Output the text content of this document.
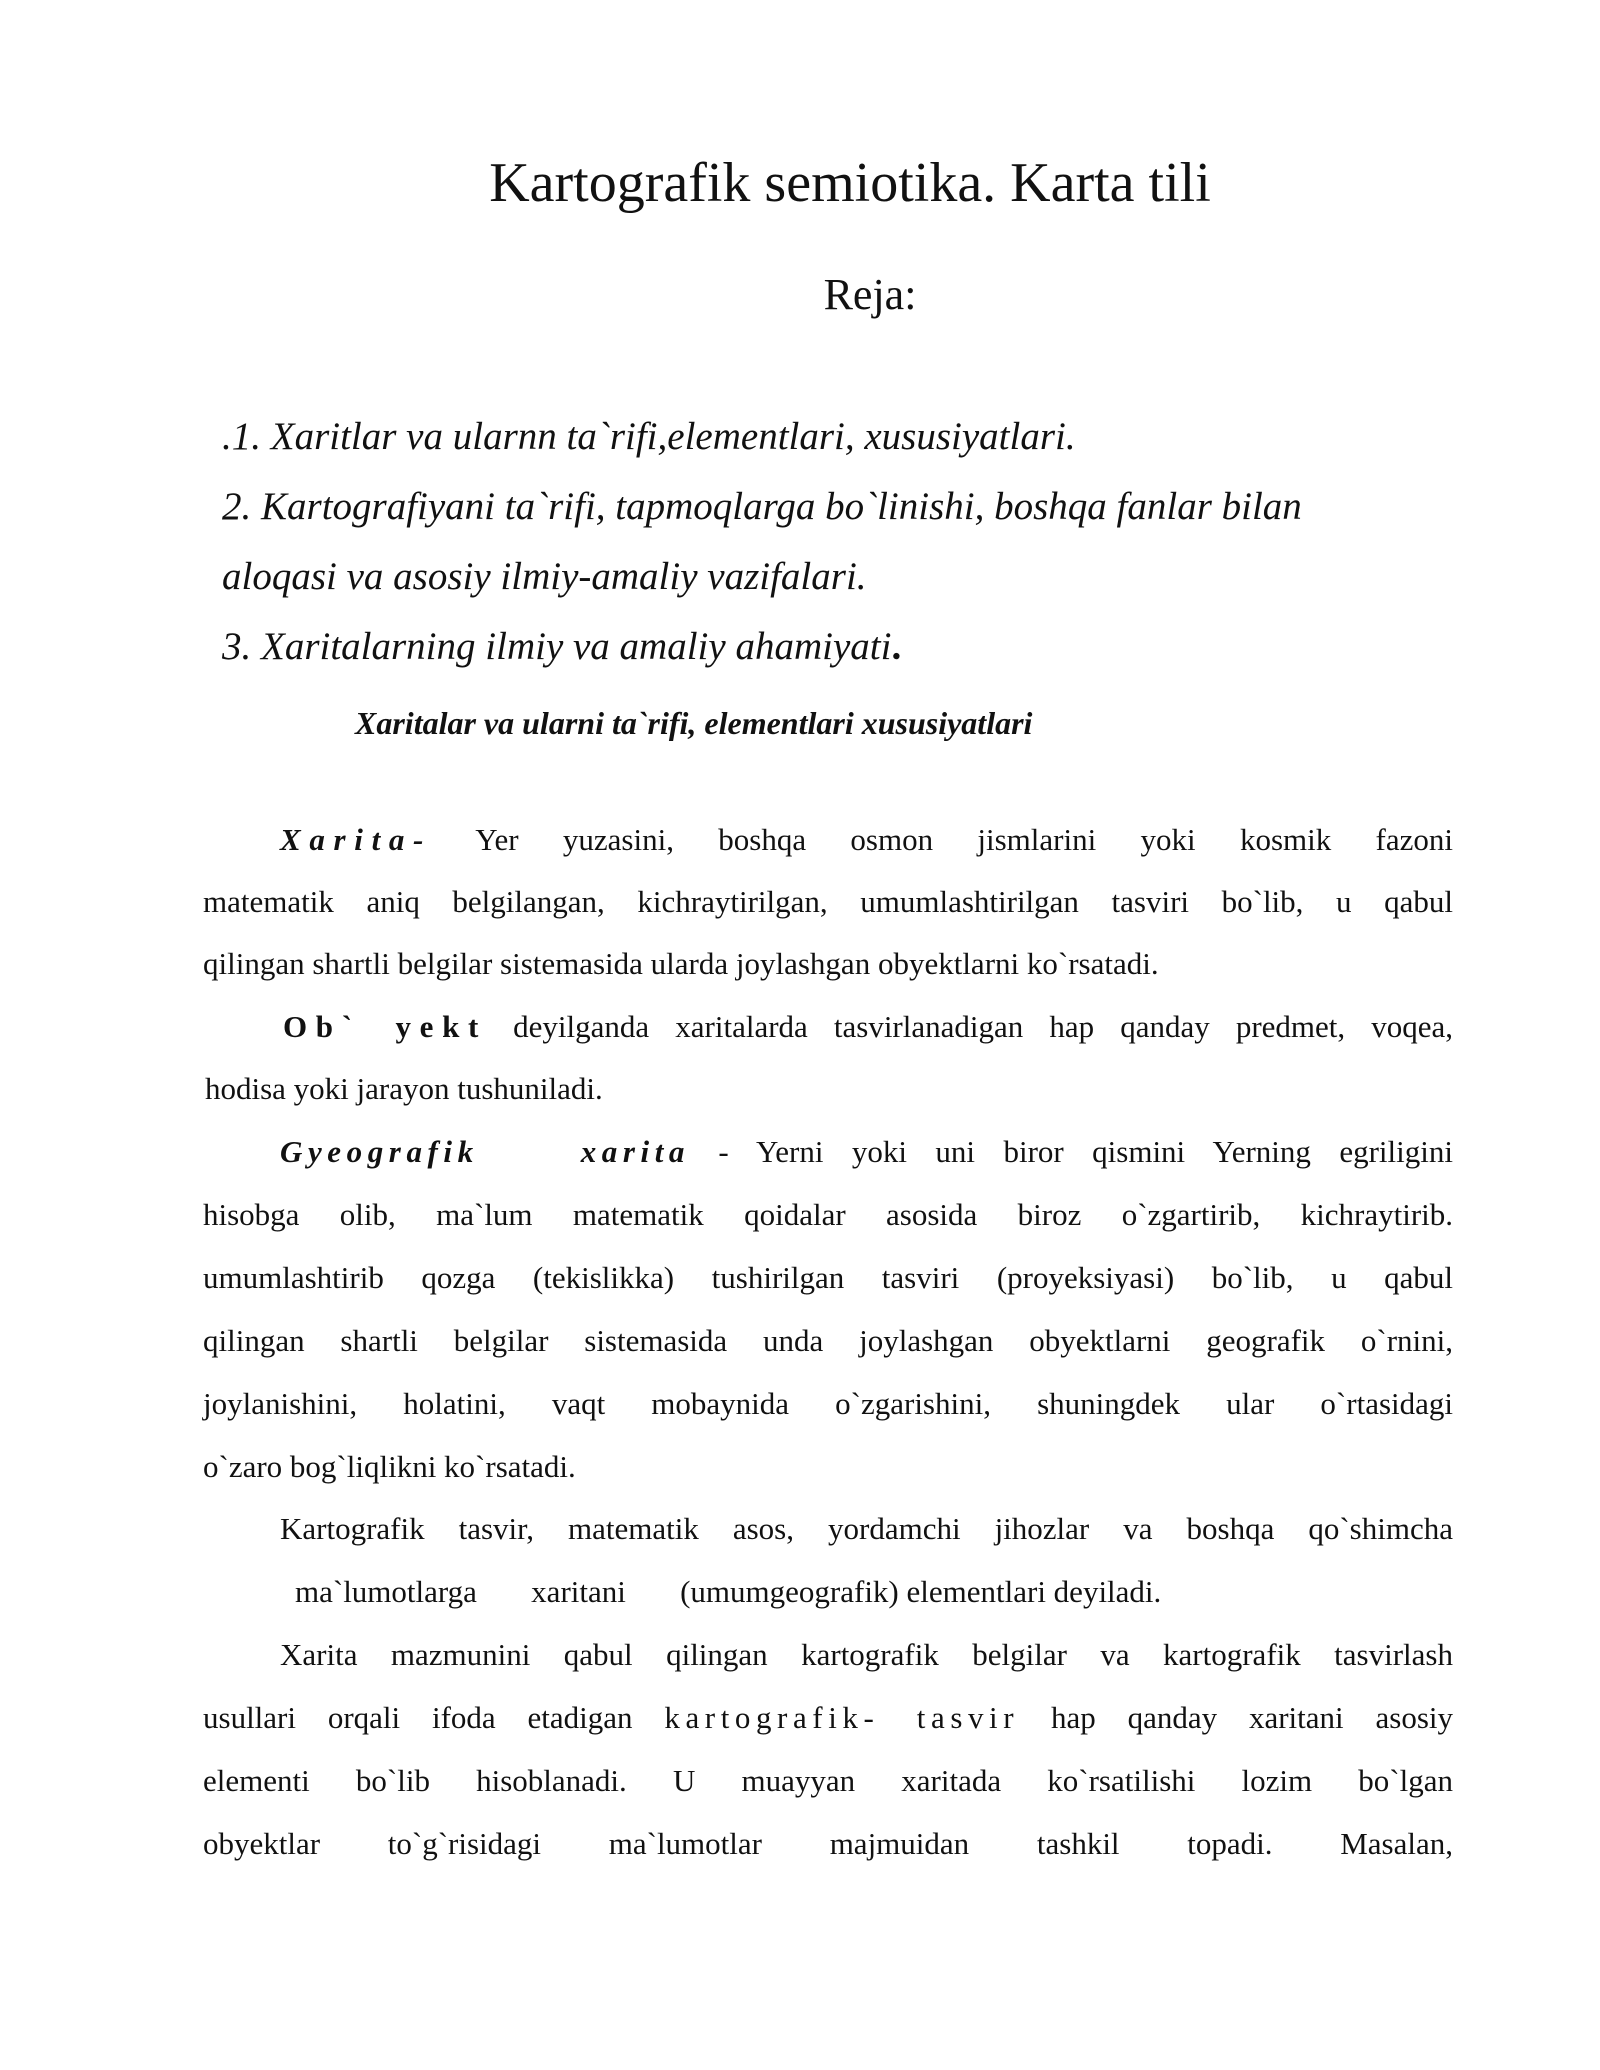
Kartografik semiotika. Karta tili
Reja:
.1. Xaritlar va ularnn ta`rifi,elementlari, xususiyatlari.
2. Kartografiyani ta`rifi, tapmoqlarga bo`linishi, boshqa fanlar bilan
aloqasi va asosiy ilmiy-amaliy vazifalari.
3. Xaritalarning ilmiy va amaliy ahamiyati.
Xaritalar va ularni ta`rifi, elementlari xususiyatlari
Xarita- Yer yuzasini, boshqa osmon jismlarini yoki kosmik fazoni
matematik aniq belgilangan, kichraytirilgan, umumlashtirilgan tasviri bo`lib, u qabul
qilingan shartli belgilar sistemasida ularda joylashgan obyektlarni ko`rsatadi.
Ob` yekt deyilganda xaritalarda tasvirlanadigan hap qanday predmet, voqea,
hodisa yoki jarayon tushuniladi.
Gyeografik   xarita - Yerni yoki uni biror qismini Yerning egriligini
hisobga olib, ma`lum matematik qoidalar asosida biroz o`zgartirib, kichraytirib.
umumlashtirib qozga (tekislikka) tushirilgan tasviri (proyeksiyasi) bo`lib, u qabul
qilingan shartli belgilar sistemasida unda joylashgan obyektlarni geografik o`rnini,
joylanishini, holatini, vaqt mobaynida o`zgarishini, shuningdek ular o`rtasidagi
o`zaro bog`liqlikni ko`rsatadi.
Kartografik tasvir, matematik asos, yordamchi jihozlar va boshqa qo`shimcha
ma`lumotlarga       xaritani       (umumgeografik) elementlari deyiladi.
Xarita mazmunini qabul qilingan kartografik belgilar va kartografik tasvirlash
usullari orqali ifoda etadigan kartografik- tasvir hap qanday xaritani asosiy
elementi bo`lib hisoblanadi. U muayyan xaritada ko`rsatilishi lozim bo`lgan
obyektlar to`g`risidagi ma`lumotlar majmuidan tashkil topadi. Masalan,
